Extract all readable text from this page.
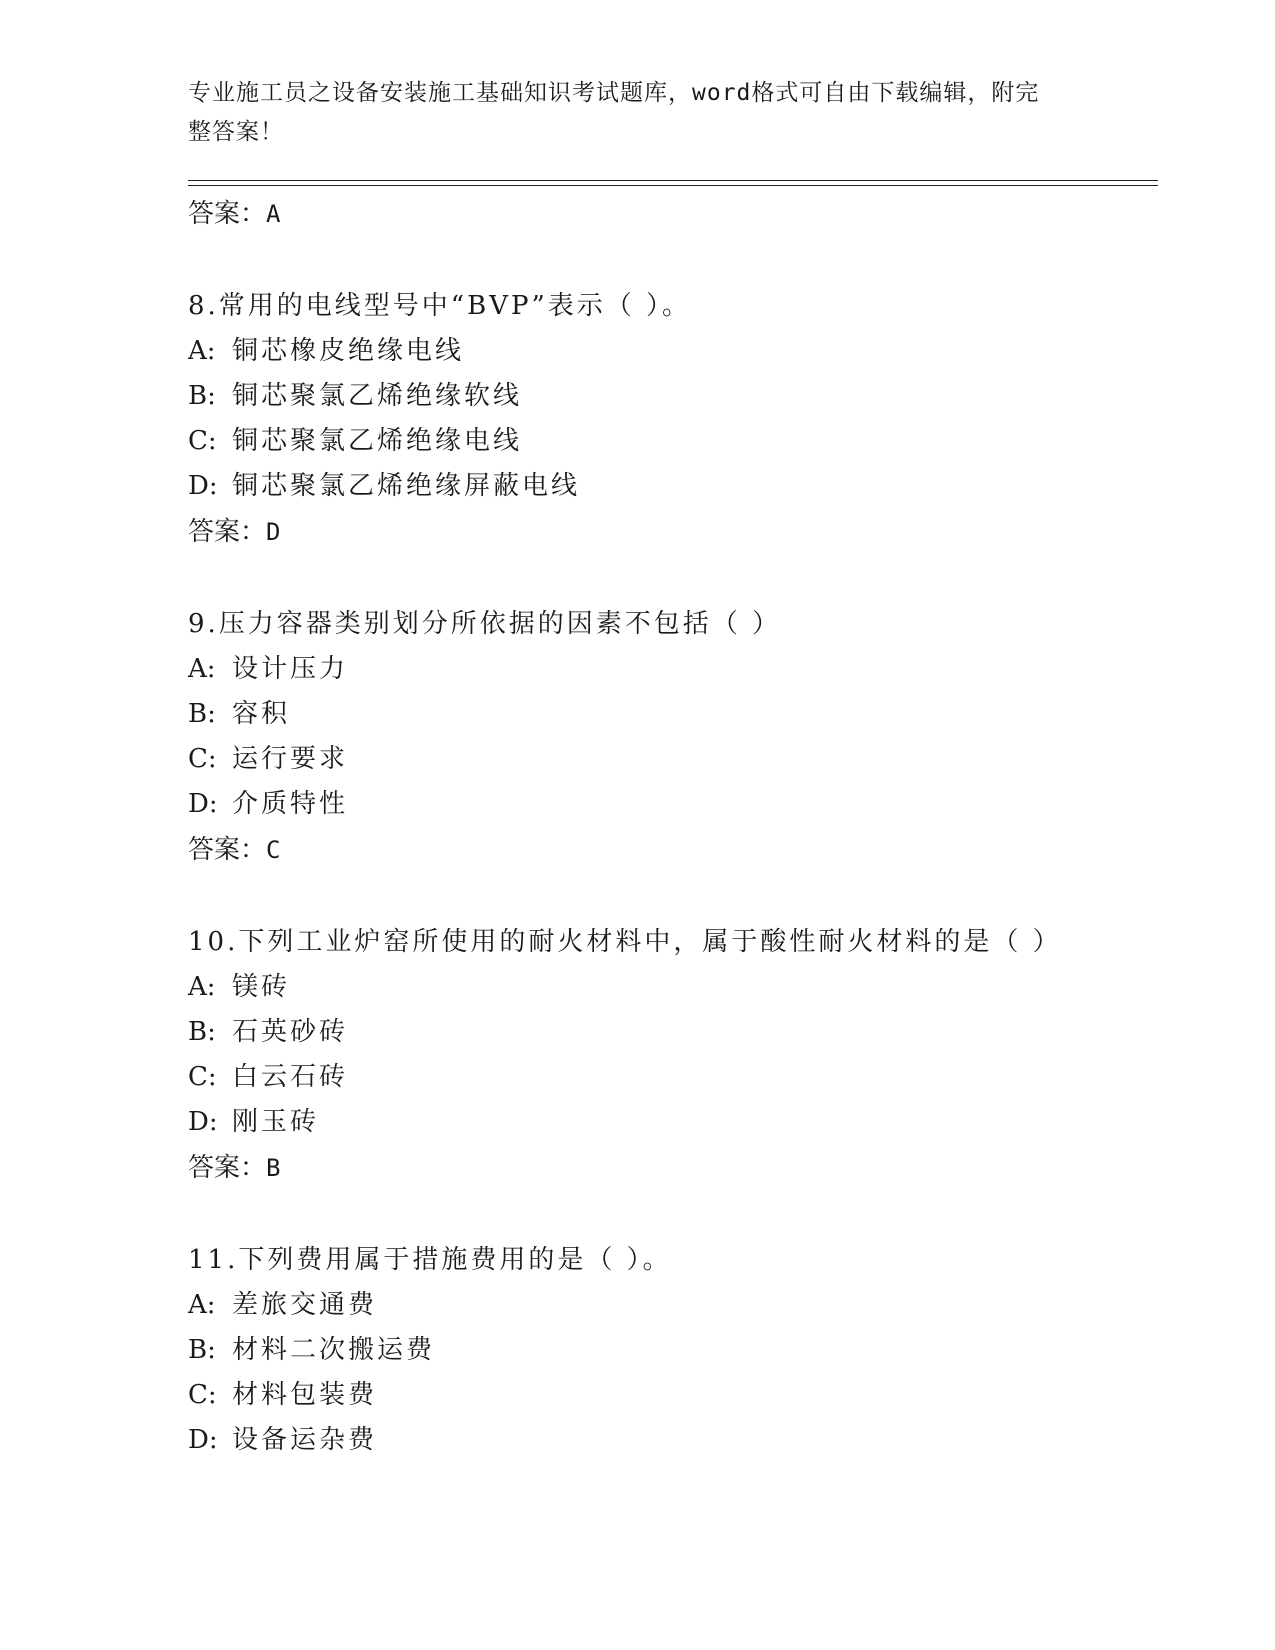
专业施工员之设备安装施工基础知识考试题库，word格式可自由下载编辑，附完
整答案！
答案：A
8.常用的电线型号中“BVP”表示（ ）。
A: 铜芯橡皮绝缘电线
B: 铜芯聚氯乙烯绝缘软线
C: 铜芯聚氯乙烯绝缘电线
D: 铜芯聚氯乙烯绝缘屏蔽电线
答案：D
9.压力容器类别划分所依据的因素不包括（ ）
A: 设计压力
B: 容积
C: 运行要求
D: 介质特性
答案：C
10.下列工业炉窑所使用的耐火材料中，属于酸性耐火材料的是（ ）
A: 镁砖
B: 石英砂砖
C: 白云石砖
D: 刚玉砖
答案：B
11.下列费用属于措施费用的是（ ）。
A: 差旅交通费
B: 材料二次搬运费
C: 材料包装费
D: 设备运杂费
